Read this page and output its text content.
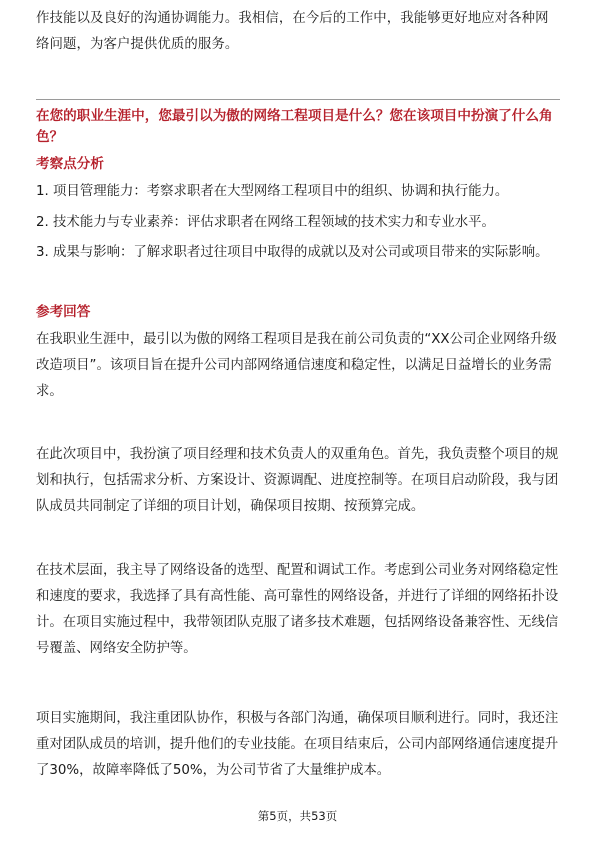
作技能以及良好的沟通协调能力。我相信，在今后的工作中，我能够更好地应对各种网络问题，为客户提供优质的服务。
在您的职业生涯中，您最引以为傲的网络工程项目是什么？您在该项目中扮演了什么角色？
考察点分析
1. 项目管理能力：考察求职者在大型网络工程项目中的组织、协调和执行能力。
2. 技术能力与专业素养：评估求职者在网络工程领域的技术实力和专业水平。
3. 成果与影响：了解求职者过往项目中取得的成就以及对公司或项目带来的实际影响。
参考回答
在我职业生涯中，最引以为傲的网络工程项目是我在前公司负责的“XX公司企业网络升级改造项目”。该项目旨在提升公司内部网络通信速度和稳定性，以满足日益增长的业务需求。
在此次项目中，我扮演了项目经理和技术负责人的双重角色。首先，我负责整个项目的规划和执行，包括需求分析、方案设计、资源调配、进度控制等。在项目启动阶段，我与团队成员共同制定了详细的项目计划，确保项目按期、按预算完成。
在技术层面，我主导了网络设备的选型、配置和调试工作。考虑到公司业务对网络稳定性和速度的要求，我选择了具有高性能、高可靠性的网络设备，并进行了详细的网络拓扑设计。在项目实施过程中，我带领团队克服了诸多技术难题，包括网络设备兼容性、无线信号覆盖、网络安全防护等。
项目实施期间，我注重团队协作，积极与各部门沟通，确保项目顺利进行。同时，我还注重对团队成员的培训，提升他们的专业技能。在项目结束后，公司内部网络通信速度提升了30%，故障率降低了50%，为公司节省了大量维护成本。
第5页，共53页
